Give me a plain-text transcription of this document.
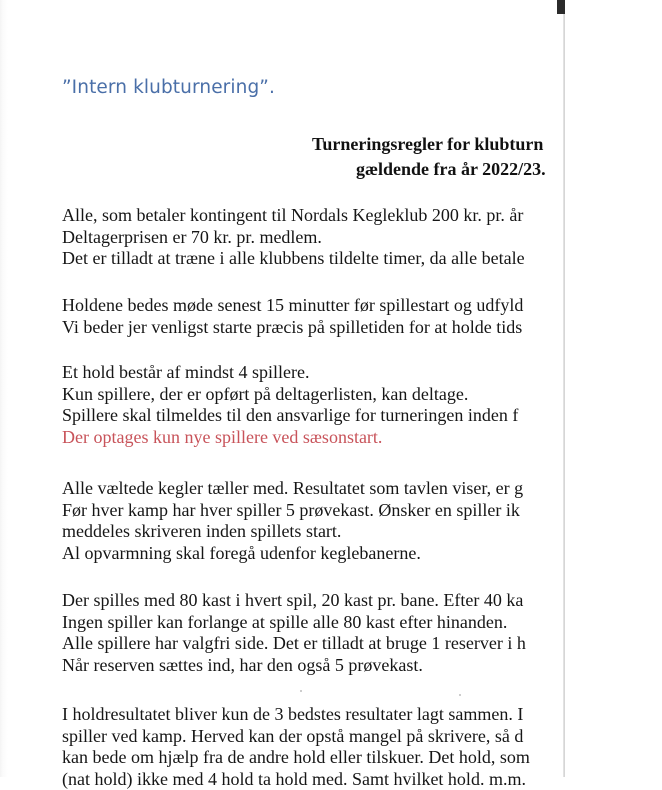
”Intern klubturnering”.
Turneringsregler for klubturn
gældende fra år 2022/23.
Alle, som betaler kontingent til Nordals Kegleklub 200 kr. pr. år
Deltagerprisen er 70 kr. pr. medlem.
Det er tilladt at træne i alle klubbens tildelte timer, da alle betale
Holdene bedes møde senest 15 minutter før spillestart og udfyld
Vi beder jer venligst starte præcis på spilletiden for at holde tids
Et hold består af mindst 4 spillere.
Kun spillere, der er opført på deltagerlisten, kan deltage.
Spillere skal tilmeldes til den ansvarlige for turneringen inden f
Der optages kun nye spillere ved sæsonstart.
Alle væltede kegler tæller med. Resultatet som tavlen viser, er g
Før hver kamp har hver spiller 5 prøvekast. Ønsker en spiller ik
meddeles skriveren inden spillets start.
Al opvarmning skal foregå udenfor keglebanerne.
Der spilles med 80 kast i hvert spil, 20 kast pr. bane. Efter 40 ka
Ingen spiller kan forlange at spille alle 80 kast efter hinanden.
Alle spillere har valgfri side. Det er tilladt at bruge 1 reserver i h
Når reserven sættes ind, har den også 5 prøvekast.
I holdresultatet bliver kun de 3 bedstes resultater lagt sammen. I
spiller ved kamp. Herved kan der opstå mangel på skrivere, så d
kan bede om hjælp fra de andre hold eller tilskuer. Det hold, som
(nat hold) ikke med 4 hold ta hold med. Samt hvilket hold. m.m.
